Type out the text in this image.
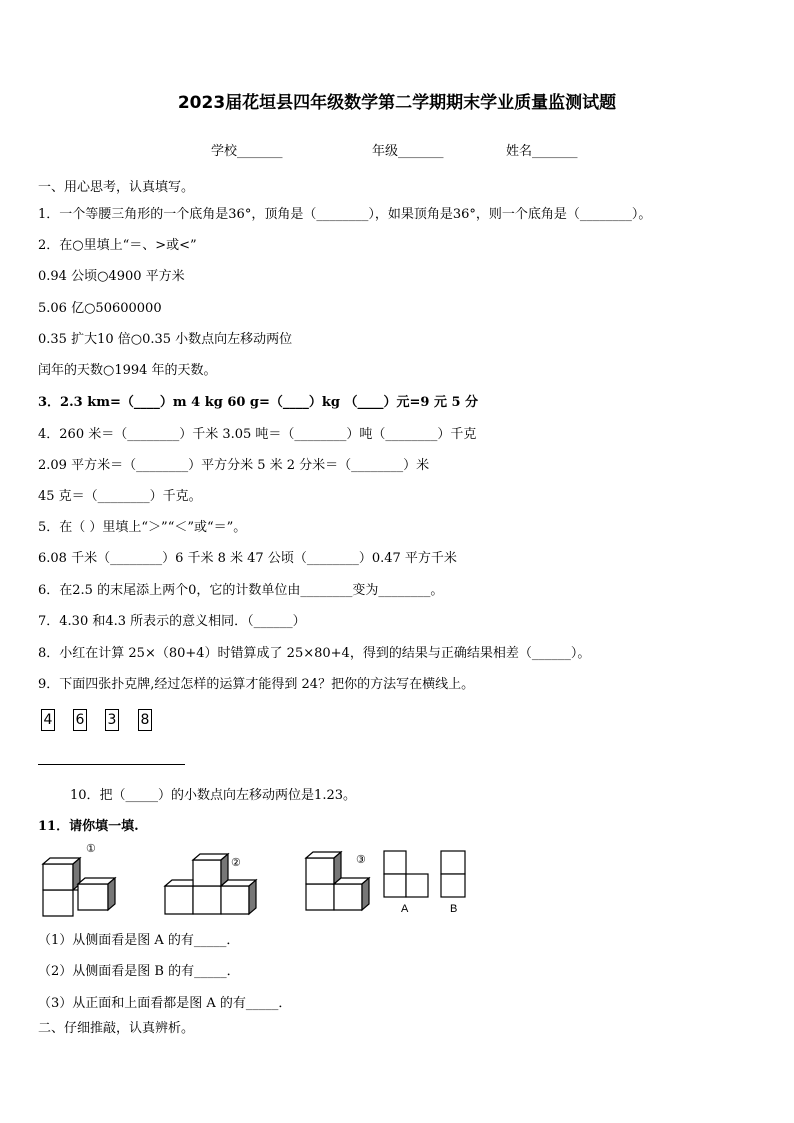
2023届花垣县四年级数学第二学期期末学业质量监测试题
学校_______	年级_______	姓名_______
一、用心思考，认真填写。
1．一个等腰三角形的一个底角是36°，顶角是（________），如果顶角是36°，则一个底角是（________）。
2．在○里填上“＝、>或<”
0.94 公顷○4900 平方米
5.06 亿○50600000
0.35 扩大10 倍○0.35 小数点向左移动两位
闰年的天数○1994 年的天数。
3．2.3 km=（____）m 4 kg 60 g=（____）kg （____）元=9 元 5 分
4．260 米＝（________）千米 3.05 吨＝（________）吨（________）千克
2.09 平方米＝（________）平方分米 5 米 2 分米＝（________）米
45 克＝（________）千克。
5．在（ ）里填上“＞”“＜”或“＝”。
6.08 千米（________）6 千米 8 米 47 公顷（________）0.47 平方千米
6．在2.5 的末尾添上两个0，它的计数单位由________变为________。
7．4.30 和4.3 所表示的意义相同．（______）
8．小红在计算 25×（80+4）时错算成了 25×80+4，得到的结果与正确结果相差（______）。
9．下面四张扑克牌,经过怎样的运算才能得到 24？把你的方法写在横线上。
4 6 3 8
10．把（_____）的小数点向左移动两位是1.23。
11．请你填一填.
①
②	③
A	B
（1）从侧面看是图 A 的有_____．
（2）从侧面看是图 B 的有_____．
（3）从正面和上面看都是图 A 的有_____．
二、仔细推敲，认真辨析。
